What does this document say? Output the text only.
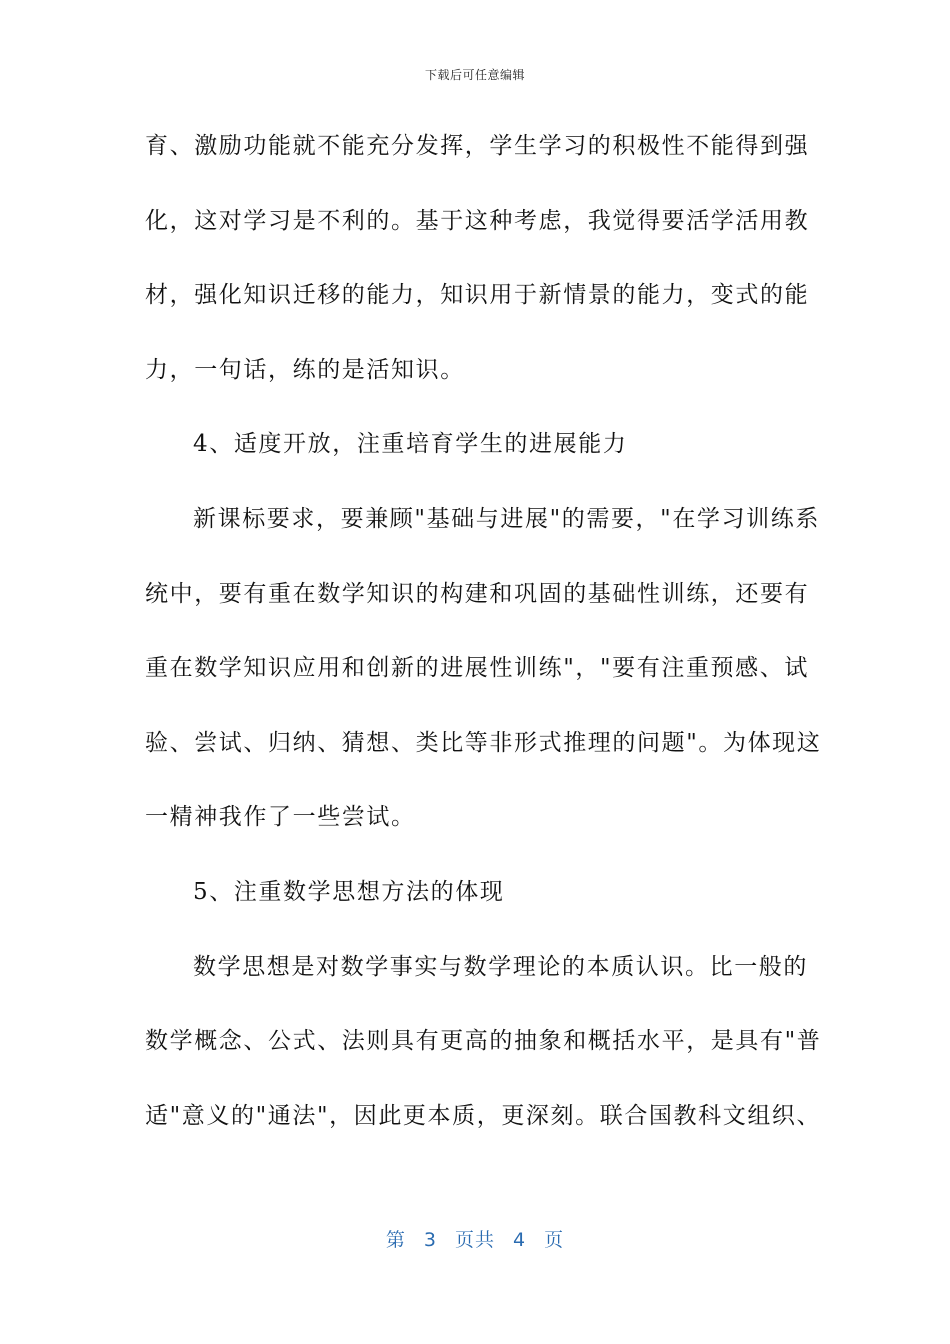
下载后可任意编辑
育、激励功能就不能充分发挥，学生学习的积极性不能得到强
化，这对学习是不利的。基于这种考虑，我觉得要活学活用教
材，强化知识迁移的能力，知识用于新情景的能力，变式的能
力，一句话，练的是活知识。
4、适度开放，注重培育学生的进展能力
新课标要求，要兼顾"基础与进展"的需要，"在学习训练系
统中，要有重在数学知识的构建和巩固的基础性训练，还要有
重在数学知识应用和创新的进展性训练"，"要有注重预感、试
验、尝试、归纳、猜想、类比等非形式推理的问题"。为体现这
一精神我作了一些尝试。
5、注重数学思想方法的体现
数学思想是对数学事实与数学理论的本质认识。比一般的
数学概念、公式、法则具有更高的抽象和概括水平，是具有"普
适"意义的"通法"，因此更本质，更深刻。联合国教科文组织、
第 3 页共 4 页
